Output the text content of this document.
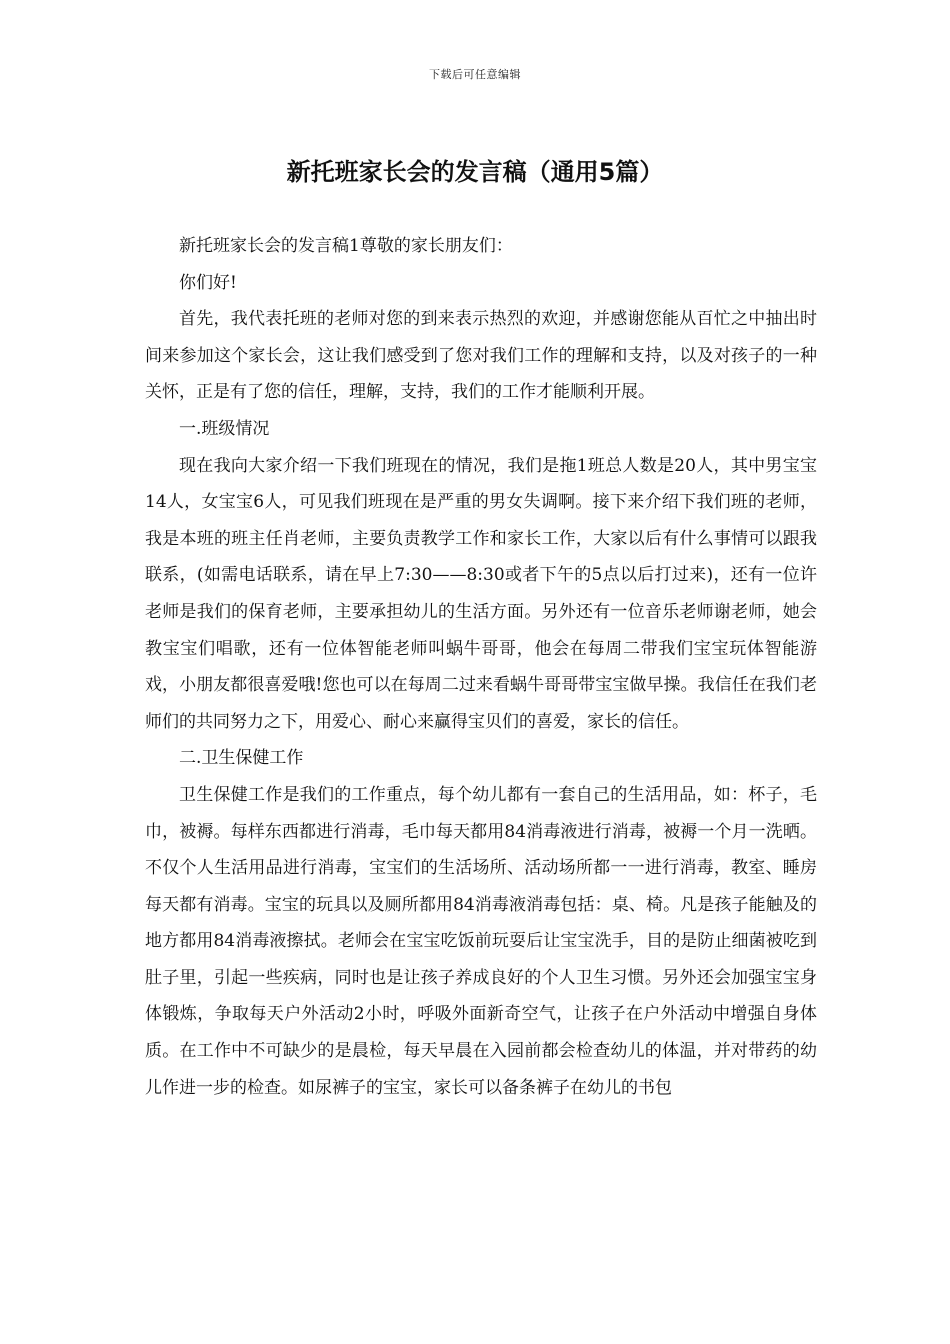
下载后可任意编辑
新托班家长会的发言稿（通用5篇）

新托班家长会的发言稿1尊敬的家长朋友们：

你们好!

首先，我代表托班的老师对您的到来表示热烈的欢迎，并感谢您能从百忙之中抽出时间来参加这个家长会，这让我们感受到了您对我们工作的理解和支持，以及对孩子的一种关怀，正是有了您的信任，理解，支持，我们的工作才能顺利开展。

一.班级情况

现在我向大家介绍一下我们班现在的情况，我们是拖1班总人数是20人，其中男宝宝14人，女宝宝6人，可见我们班现在是严重的男女失调啊。接下来介绍下我们班的老师，我是本班的班主任肖老师，主要负责教学工作和家长工作，大家以后有什么事情可以跟我联系，(如需电话联系，请在早上7:30——8:30或者下午的5点以后打过来)，还有一位许老师是我们的保育老师，主要承担幼儿的生活方面。另外还有一位音乐老师谢老师，她会教宝宝们唱歌，还有一位体智能老师叫蜗牛哥哥，他会在每周二带我们宝宝玩体智能游戏，小朋友都很喜爱哦!您也可以在每周二过来看蜗牛哥哥带宝宝做早操。我信任在我们老师们的共同努力之下，用爱心、耐心来赢得宝贝们的喜爱，家长的信任。

二.卫生保健工作

卫生保健工作是我们的工作重点，每个幼儿都有一套自己的生活用品，如：杯子，毛巾，被褥。每样东西都进行消毒，毛巾每天都用84消毒液进行消毒，被褥一个月一洗晒。不仅个人生活用品进行消毒，宝宝们的生活场所、活动场所都一一进行消毒，教室、睡房每天都有消毒。宝宝的玩具以及厕所都用84消毒液消毒包括：桌、椅。凡是孩子能触及的地方都用84消毒液擦拭。老师会在宝宝吃饭前玩耍后让宝宝洗手，目的是防止细菌被吃到肚子里，引起一些疾病，同时也是让孩子养成良好的个人卫生习惯。另外还会加强宝宝身体锻炼，争取每天户外活动2小时，呼吸外面新奇空气，让孩子在户外活动中增强自身体质。在工作中不可缺少的是晨检，每天早晨在入园前都会检查幼儿的体温，并对带药的幼儿作进一步的检查。如尿裤子的宝宝，家长可以备条裤子在幼儿的书包
